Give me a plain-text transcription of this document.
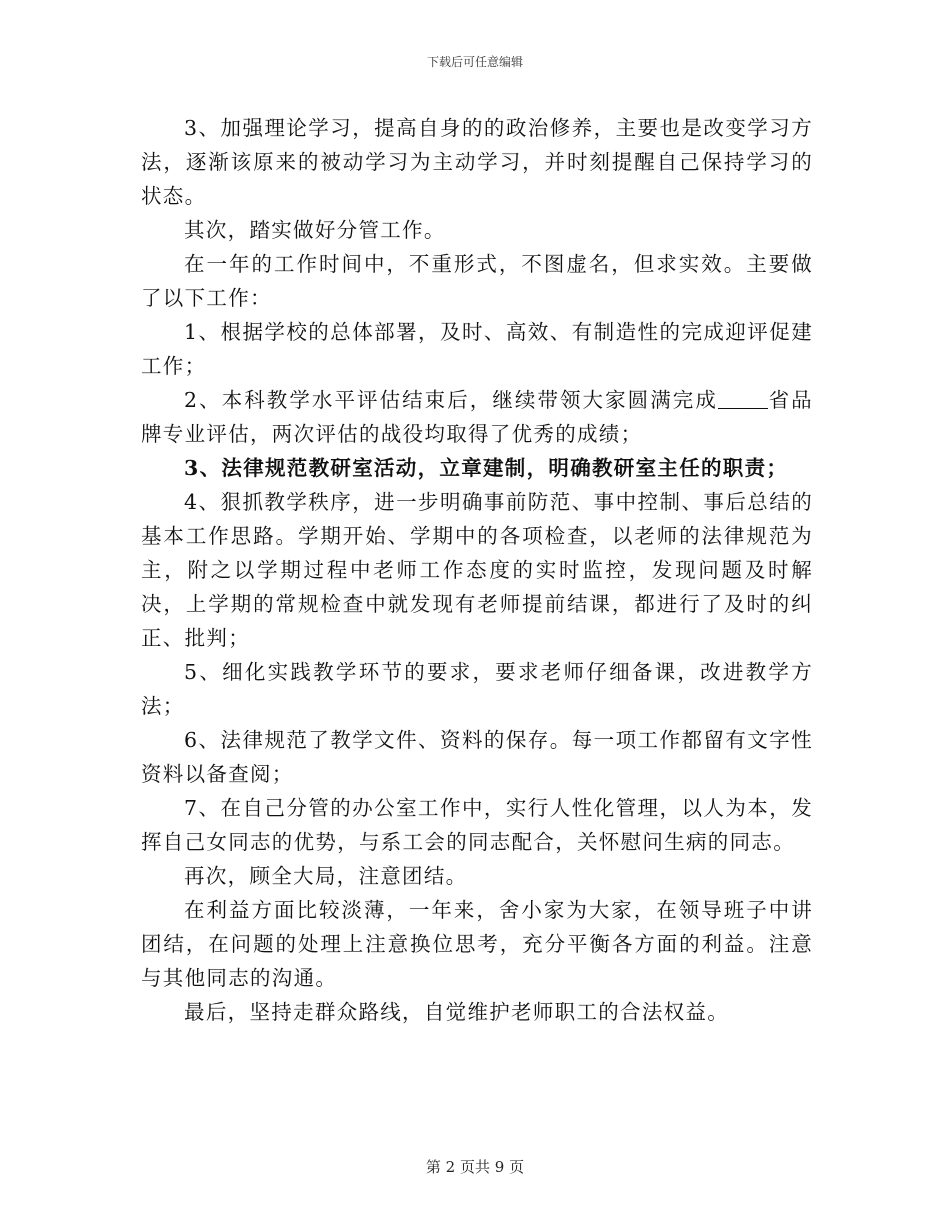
下载后可任意编辑

3、加强理论学习，提高自身的的政治修养，主要也是改变学习方法，逐渐该原来的被动学习为主动学习，并时刻提醒自己保持学习的状态。

其次，踏实做好分管工作。

在一年的工作时间中，不重形式，不图虚名，但求实效。主要做了以下工作：

1、根据学校的总体部署，及时、高效、有制造性的完成迎评促建工作；

2、本科教学水平评估结束后，继续带领大家圆满完成 省品牌专业评估，两次评估的战役均取得了优秀的成绩；

3、法律规范教研室活动，立章建制，明确教研室主任的职责；

4、狠抓教学秩序，进一步明确事前防范、事中控制、事后总结的基本工作思路。学期开始、学期中的各项检查，以老师的法律规范为主，附之以学期过程中老师工作态度的实时监控，发现问题及时解决，上学期的常规检查中就发现有老师提前结课，都进行了及时的纠正、批判；

5、细化实践教学环节的要求，要求老师仔细备课，改进教学方法；

6、法律规范了教学文件、资料的保存。每一项工作都留有文字性资料以备查阅；

7、在自己分管的办公室工作中，实行人性化管理，以人为本，发挥自己女同志的优势，与系工会的同志配合，关怀慰问生病的同志。

再次，顾全大局，注意团结。

在利益方面比较淡薄，一年来，舍小家为大家，在领导班子中讲团结，在问题的处理上注意换位思考，充分平衡各方面的利益。注意与其他同志的沟通。

最后，坚持走群众路线，自觉维护老师职工的合法权益。

第 2 页共 9 页
